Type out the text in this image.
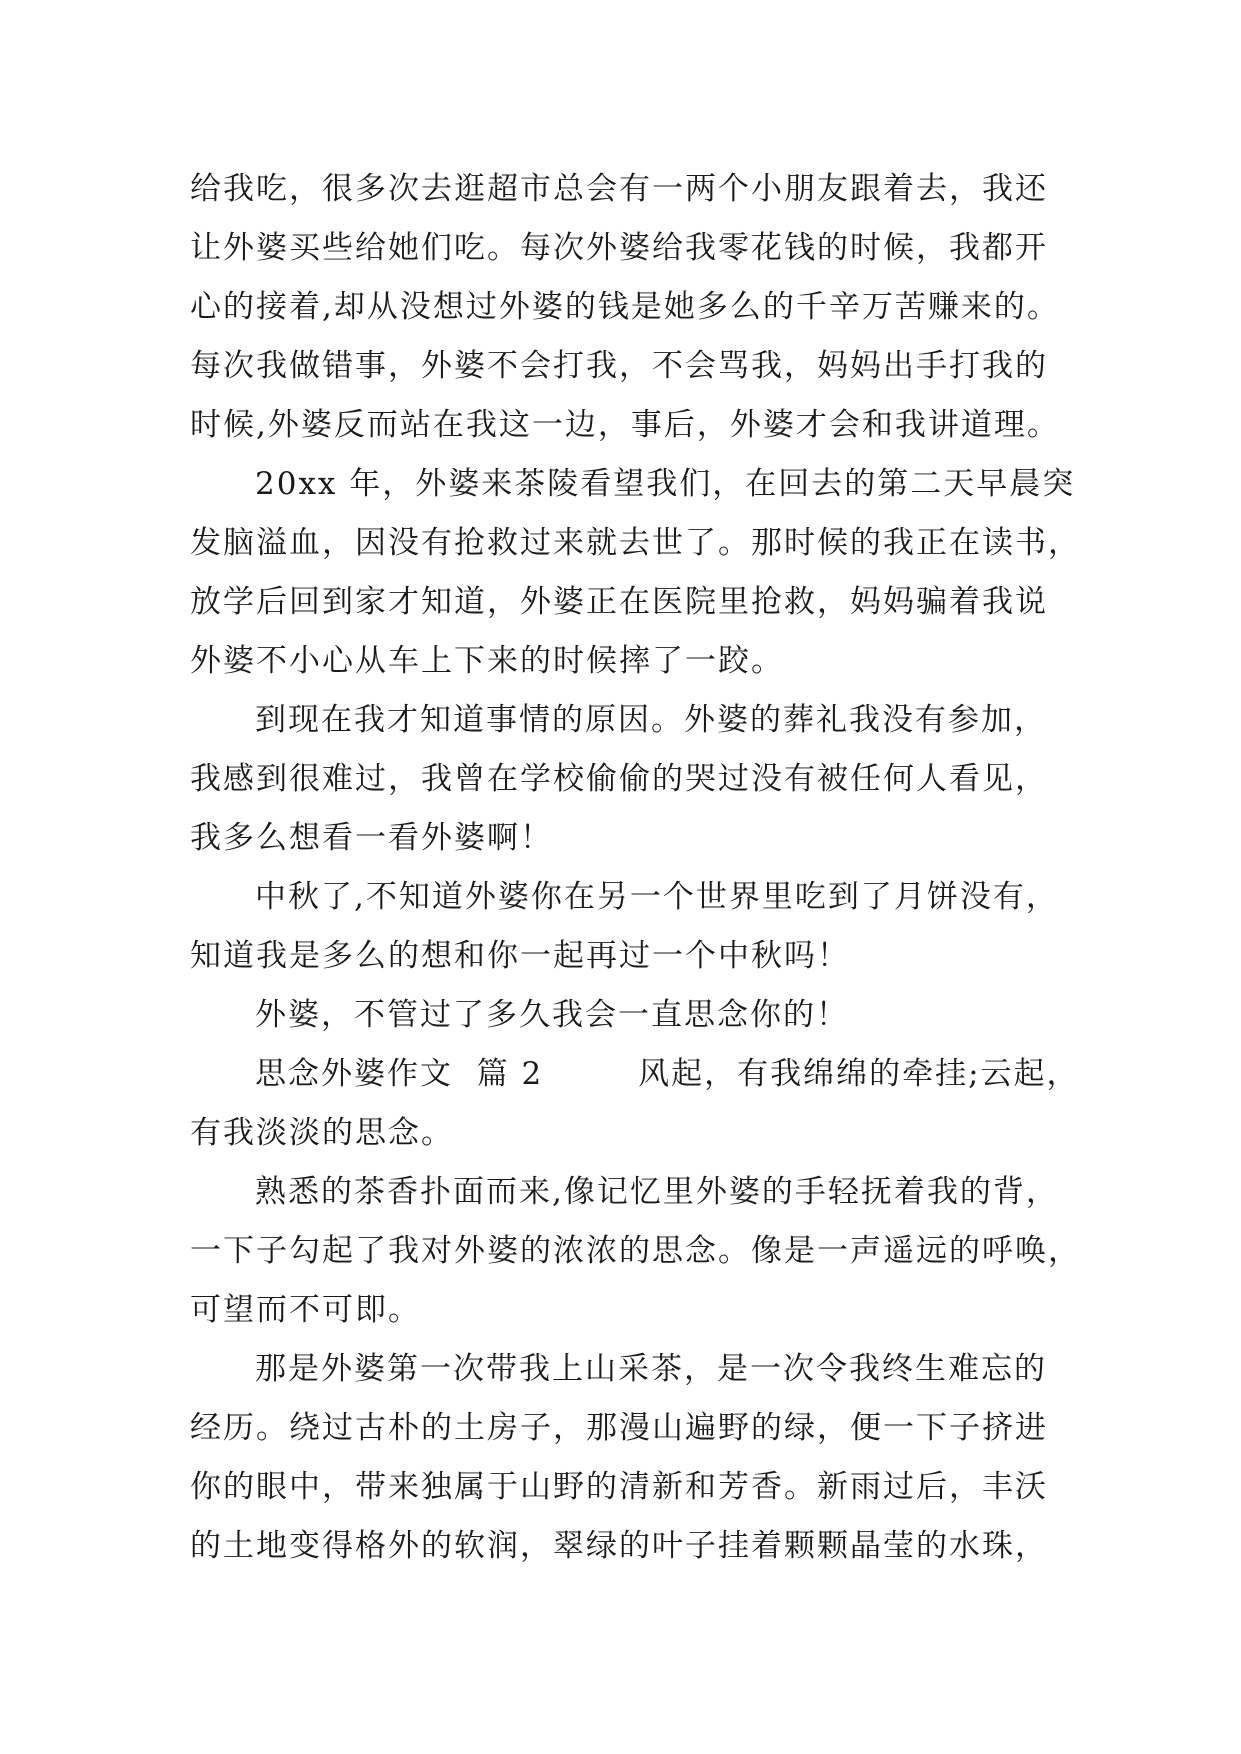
给我吃，很多次去逛超市总会有一两个小朋友跟着去，我还
让外婆买些给她们吃。每次外婆给我零花钱的时候，我都开
心的接着,却从没想过外婆的钱是她多么的千辛万苦赚来的。
每次我做错事，外婆不会打我，不会骂我，妈妈出手打我的
时候,外婆反而站在我这一边，事后，外婆才会和我讲道理。
20xx 年，外婆来茶陵看望我们，在回去的第二天早晨突
发脑溢血，因没有抢救过来就去世了。那时候的我正在读书，
放学后回到家才知道，外婆正在医院里抢救，妈妈骗着我说
外婆不小心从车上下来的时候摔了一跤。
到现在我才知道事情的原因。外婆的葬礼我没有参加，
我感到很难过，我曾在学校偷偷的哭过没有被任何人看见，
我多么想看一看外婆啊！
中秋了,不知道外婆你在另一个世界里吃到了月饼没有，
知道我是多么的想和你一起再过一个中秋吗！
外婆，不管过了多久我会一直思念你的！
思念外婆作文  篇 2        风起，有我绵绵的牵挂;云起，
有我淡淡的思念。
熟悉的茶香扑面而来,像记忆里外婆的手轻抚着我的背，
一下子勾起了我对外婆的浓浓的思念。像是一声遥远的呼唤，
可望而不可即。
那是外婆第一次带我上山采茶，是一次令我终生难忘的
经历。绕过古朴的土房子，那漫山遍野的绿，便一下子挤进
你的眼中，带来独属于山野的清新和芳香。新雨过后，丰沃
的土地变得格外的软润，翠绿的叶子挂着颗颗晶莹的水珠，
